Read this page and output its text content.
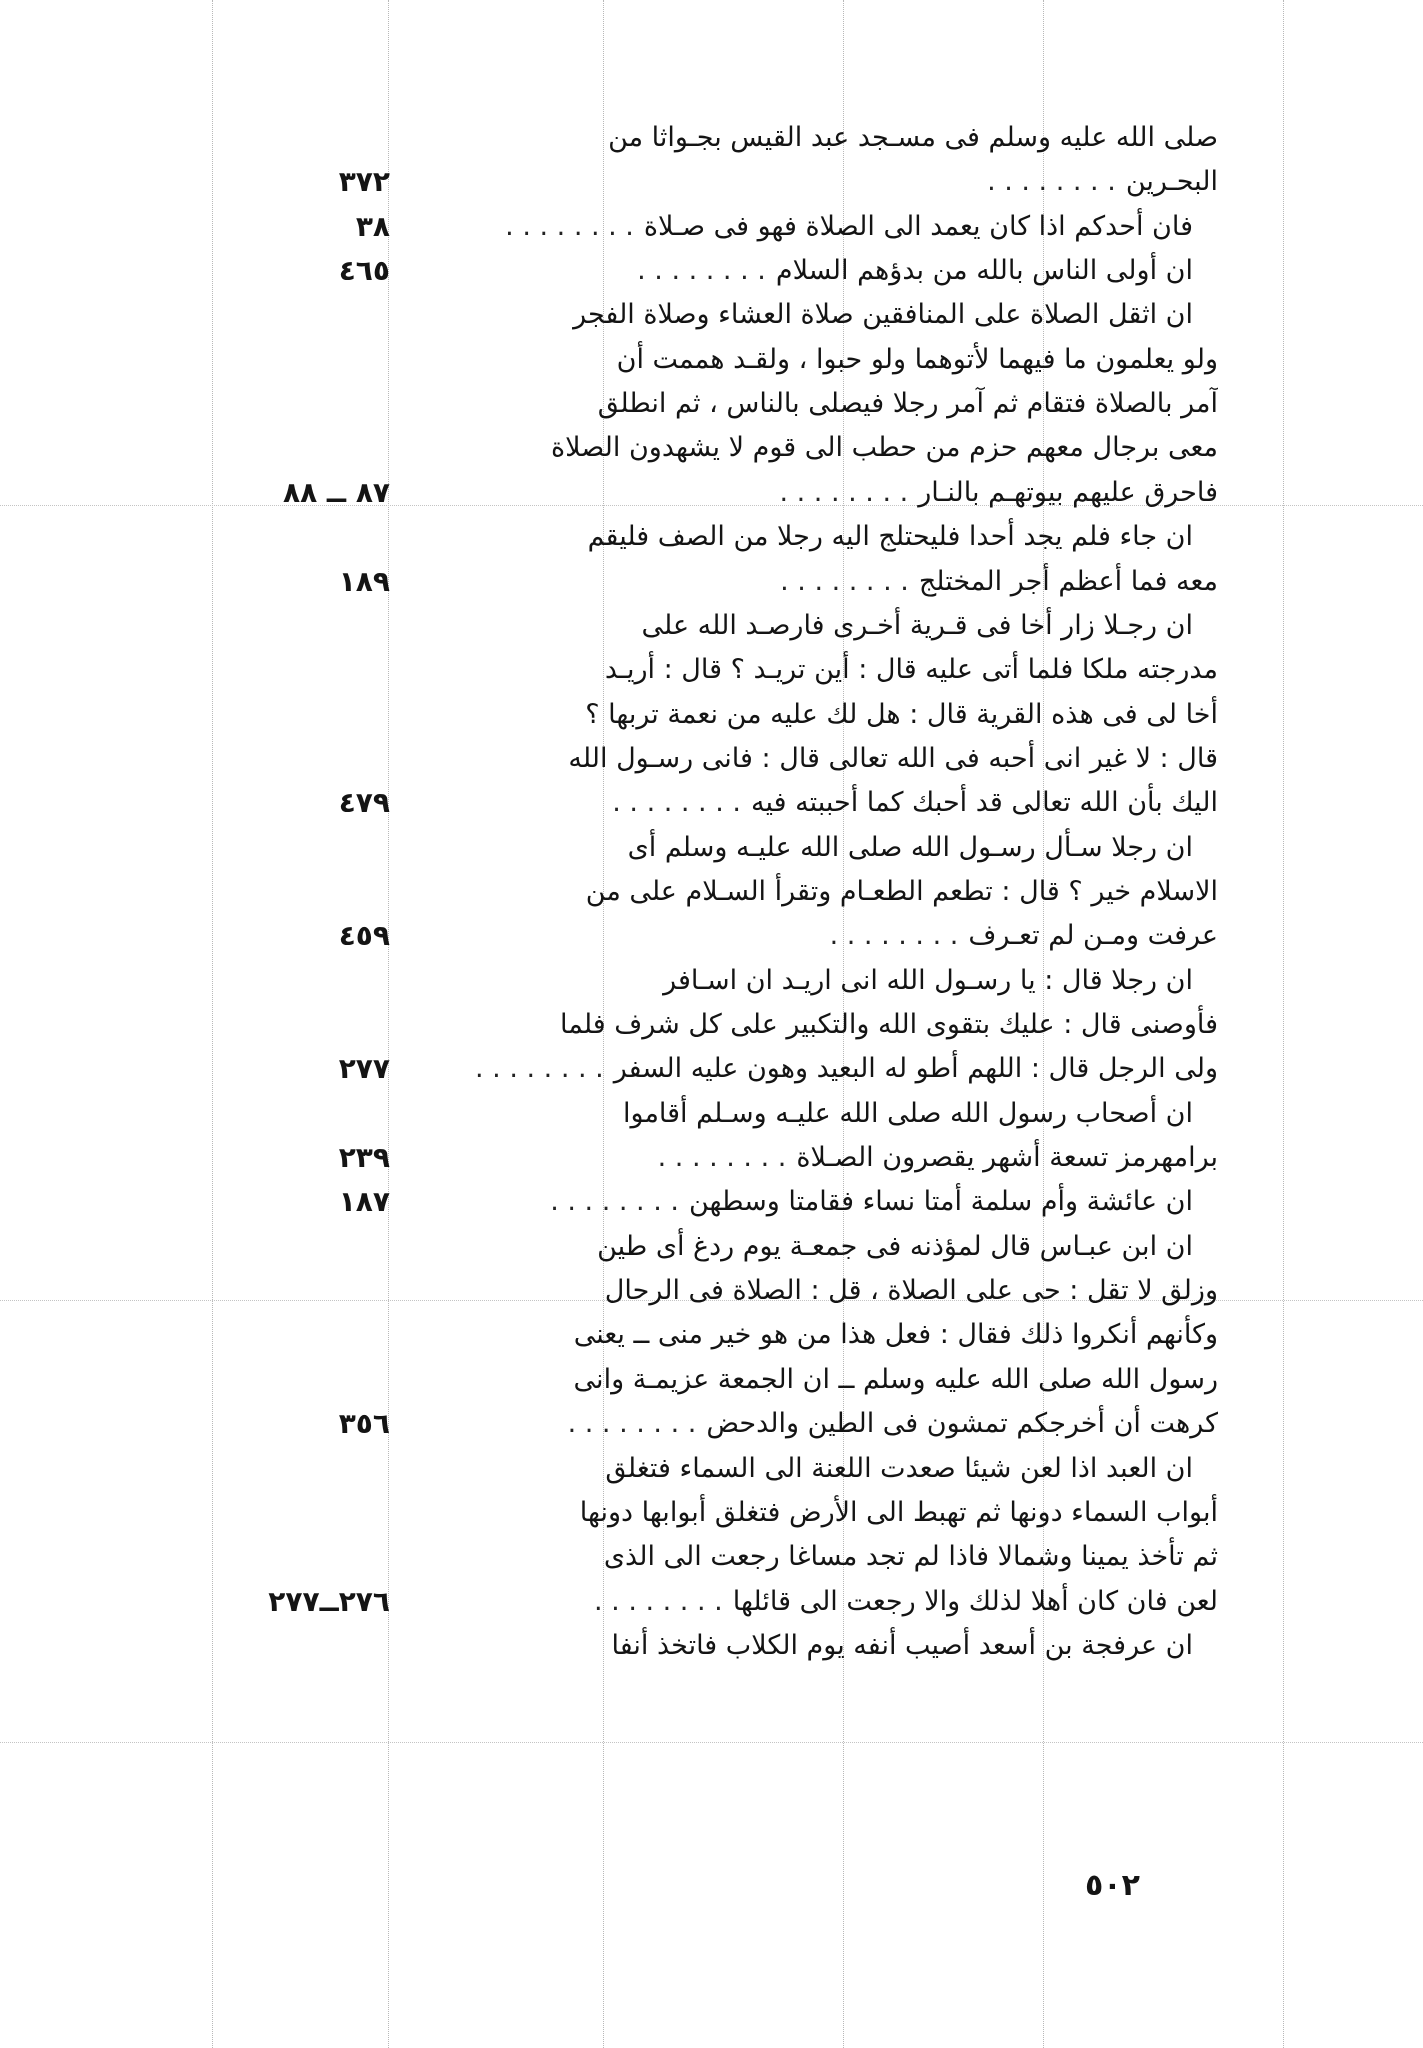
صلى الله عليه وسلم فى مسـجد عبد القيس بجـواثا من
البحـرين. . . . . . . .
٣٧٢
فان أحدكم اذا كان يعمد الى الصلاة فهو فى صـلاة. . . . . . . .
٣٨
ان أولى الناس بالله من بدؤهم السلام. . . . . . . .
٤٦٥
ان اثقل الصلاة على المنافقين صلاة العشاء وصلاة الفجر
ولو يعلمون ما فيهما لأتوهما ولو حبوا ، ولقـد هممت أن
آمر بالصلاة فتقام ثم آمر رجلا فيصلى بالناس ، ثم انطلق
معى برجال معهم حزم من حطب الى قوم لا يشهدون الصلاة
فاحرق عليهم بيوتهـم بالنـار. . . . . . . .
٨٧ ــ ٨٨
ان جاء فلم يجد أحدا فليحتلج اليه رجلا من الصف فليقم
معه فما أعظم أجر المختلج. . . . . . . .
١٨٩
ان رجـلا زار أخا فى قـرية أخـرى فارصـد الله على
مدرجته ملكا فلما أتى عليه قال : أين تريـد ؟ قال : أريـد
أخا لى فى هذه القرية قال : هل لك عليه من نعمة تربها ؟
قال : لا غير انى أحبه فى الله تعالى قال : فانى رسـول الله
اليك بأن الله تعالى قد أحبك كما أحببته فيه. . . . . . . .
٤٧٩
ان رجلا سـأل رسـول الله صلى الله عليـه وسلم أى
الاسلام خير ؟ قال : تطعم الطعـام وتقرأ السـلام على من
عرفت ومـن لم تعـرف. . . . . . . .
٤٥٩
ان رجلا قال : يا رسـول الله انى اريـد ان اسـافر
فأوصنى قال : عليك بتقوى الله والتكبير على كل شرف فلما
ولى الرجل قال : اللهم أطو له البعيد وهون عليه السفر. . . . . . . .
٢٧٧
ان أصحاب رسول الله صلى الله عليـه وسـلم أقاموا
برامهرمز تسعة أشهر يقصرون الصـلاة. . . . . . . .
٢٣٩
ان عائشة وأم سلمة أمتا نساء فقامتا وسطهن. . . . . . . .
١٨٧
ان ابن عبـاس قال لمؤذنه فى جمعـة يوم ردغ أى طين
وزلق لا تقل : حى على الصلاة ، قل : الصلاة فى الرحال
وكأنهم أنكروا ذلك فقال : فعل هذا من هو خير منى ــ يعنى
رسول الله صلى الله عليه وسلم ــ ان الجمعة عزيمـة وانى
كرهت أن أخرجكم تمشون فى الطين والدحض. . . . . . . .
٣٥٦
ان العبد اذا لعن شيئا صعدت اللعنة الى السماء فتغلق
أبواب السماء دونها ثم تهبط الى الأرض فتغلق أبوابها دونها
ثم تأخذ يمينا وشمالا فاذا لم تجد مساغا رجعت الى الذى
لعن فان كان أهلا لذلك والا رجعت الى قائلها. . . . . . . .
٢٧٦ــ٢٧٧
ان عرفجة بن أسعد أصيب أنفه يوم الكلاب فاتخذ أنفا
٥٠٢
